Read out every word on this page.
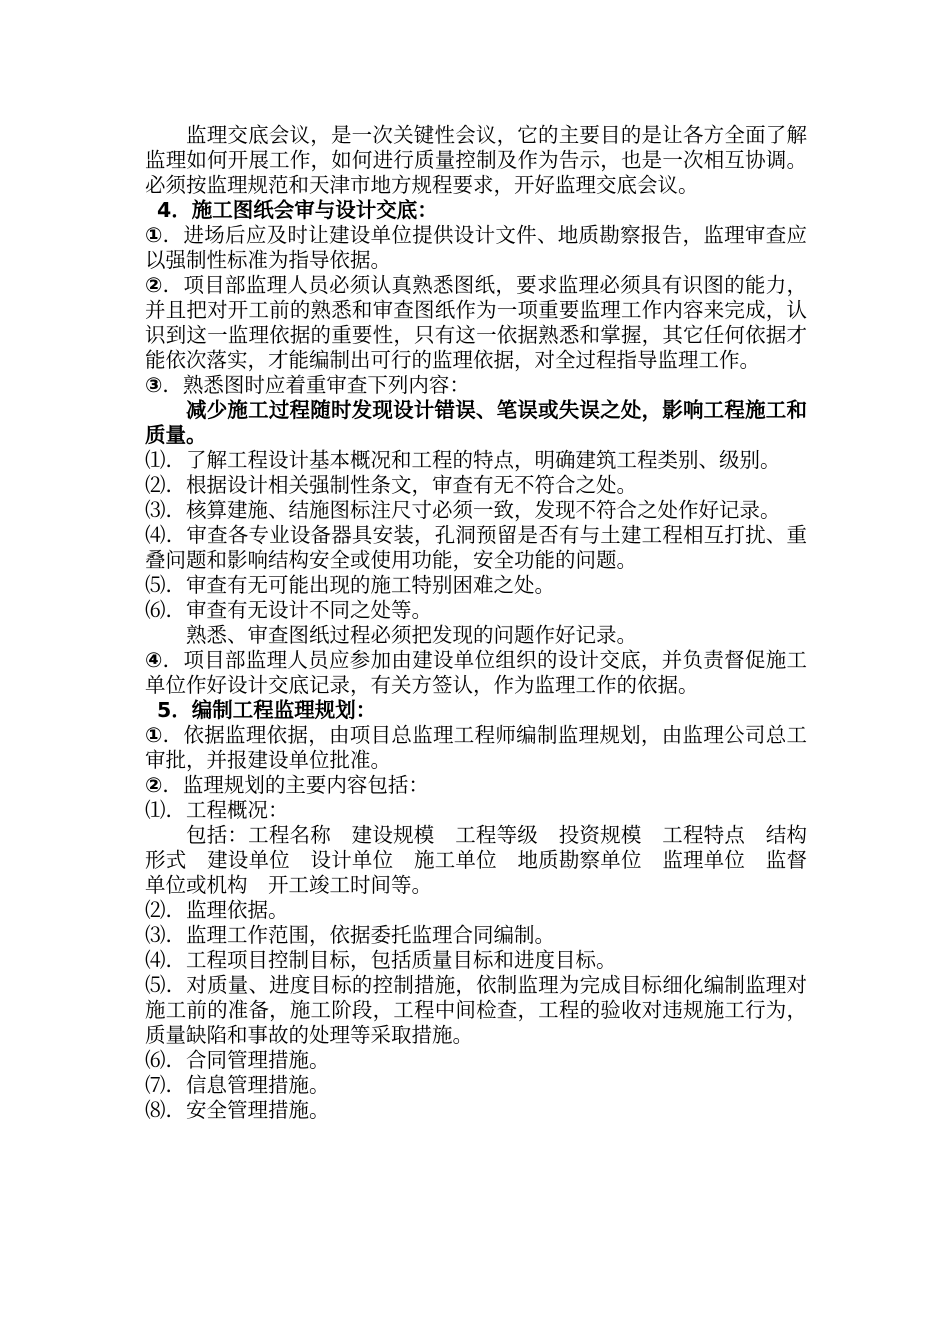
监理交底会议，是一次关键性会议，它的主要目的是让各方全面了解监理如何开展工作，如何进行质量控制及作为告示，也是一次相互协调。必须按监理规范和天津市地方规程要求，开好监理交底会议。

4．施工图纸会审与设计交底：

①．进场后应及时让建设单位提供设计文件、地质勘察报告，监理审查应以强制性标准为指导依据。

②．项目部监理人员必须认真熟悉图纸，要求监理必须具有识图的能力，并且把对开工前的熟悉和审查图纸作为一项重要监理工作内容来完成，认识到这一监理依据的重要性，只有这一依据熟悉和掌握，其它任何依据才能依次落实，才能编制出可行的监理依据，对全过程指导监理工作。

③．熟悉图时应着重审查下列内容：

减少施工过程随时发现设计错误、笔误或失误之处，影响工程施工和质量。

⑴．了解工程设计基本概况和工程的特点，明确建筑工程类别、级别。

⑵．根据设计相关强制性条文，审查有无不符合之处。

⑶．核算建施、结施图标注尺寸必须一致，发现不符合之处作好记录。

⑷．审查各专业设备器具安装，孔洞预留是否有与土建工程相互打扰、重叠问题和影响结构安全或使用功能，安全功能的问题。

⑸．审查有无可能出现的施工特别困难之处。

⑹．审查有无设计不同之处等。

熟悉、审查图纸过程必须把发现的问题作好记录。

④．项目部监理人员应参加由建设单位组织的设计交底，并负责督促施工单位作好设计交底记录，有关方签认，作为监理工作的依据。

5．编制工程监理规划：

①．依据监理依据，由项目总监理工程师编制监理规划，由监理公司总工审批，并报建设单位批准。

②．监理规划的主要内容包括：

⑴．工程概况：

包括：工程名称　建设规模　工程等级　投资规模　工程特点　结构形式　建设单位　设计单位　施工单位　地质勘察单位　监理单位　监督单位或机构　开工竣工时间等。

⑵．监理依据。

⑶．监理工作范围，依据委托监理合同编制。

⑷．工程项目控制目标，包括质量目标和进度目标。

⑸．对质量、进度目标的控制措施，依制监理为完成目标细化编制监理对施工前的准备，施工阶段，工程中间检查，工程的验收对违规施工行为，质量缺陷和事故的处理等采取措施。

⑹．合同管理措施。

⑺．信息管理措施。

⑻．安全管理措施。
